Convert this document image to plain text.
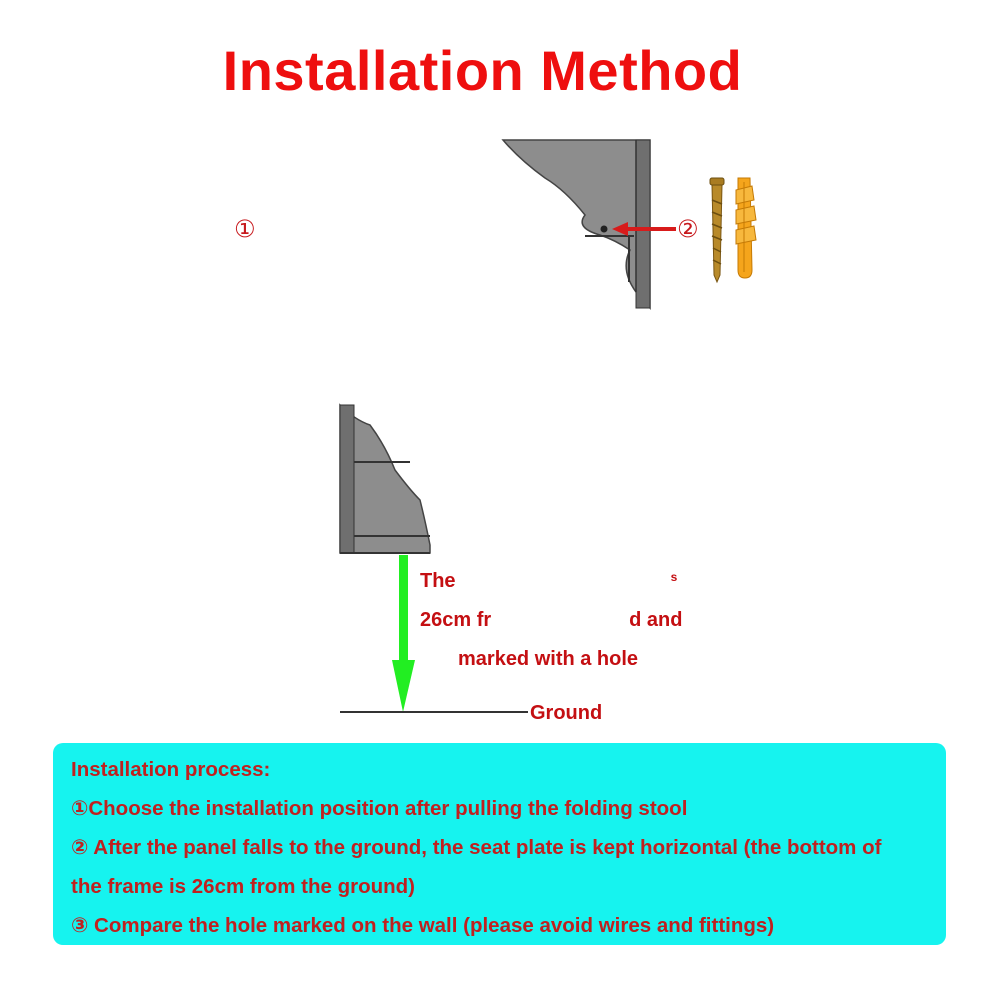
Installation Method
①	②
The	$^s$
26cm fr	d and
marked with a hole
Ground
Installation process:
①Choose the installation position after pulling the folding stool
② After the panel falls to the ground, the seat plate is kept horizontal (the bottom of
the frame is 26cm from the ground)
③ Compare the hole marked on the wall (please avoid wires and fittings)
